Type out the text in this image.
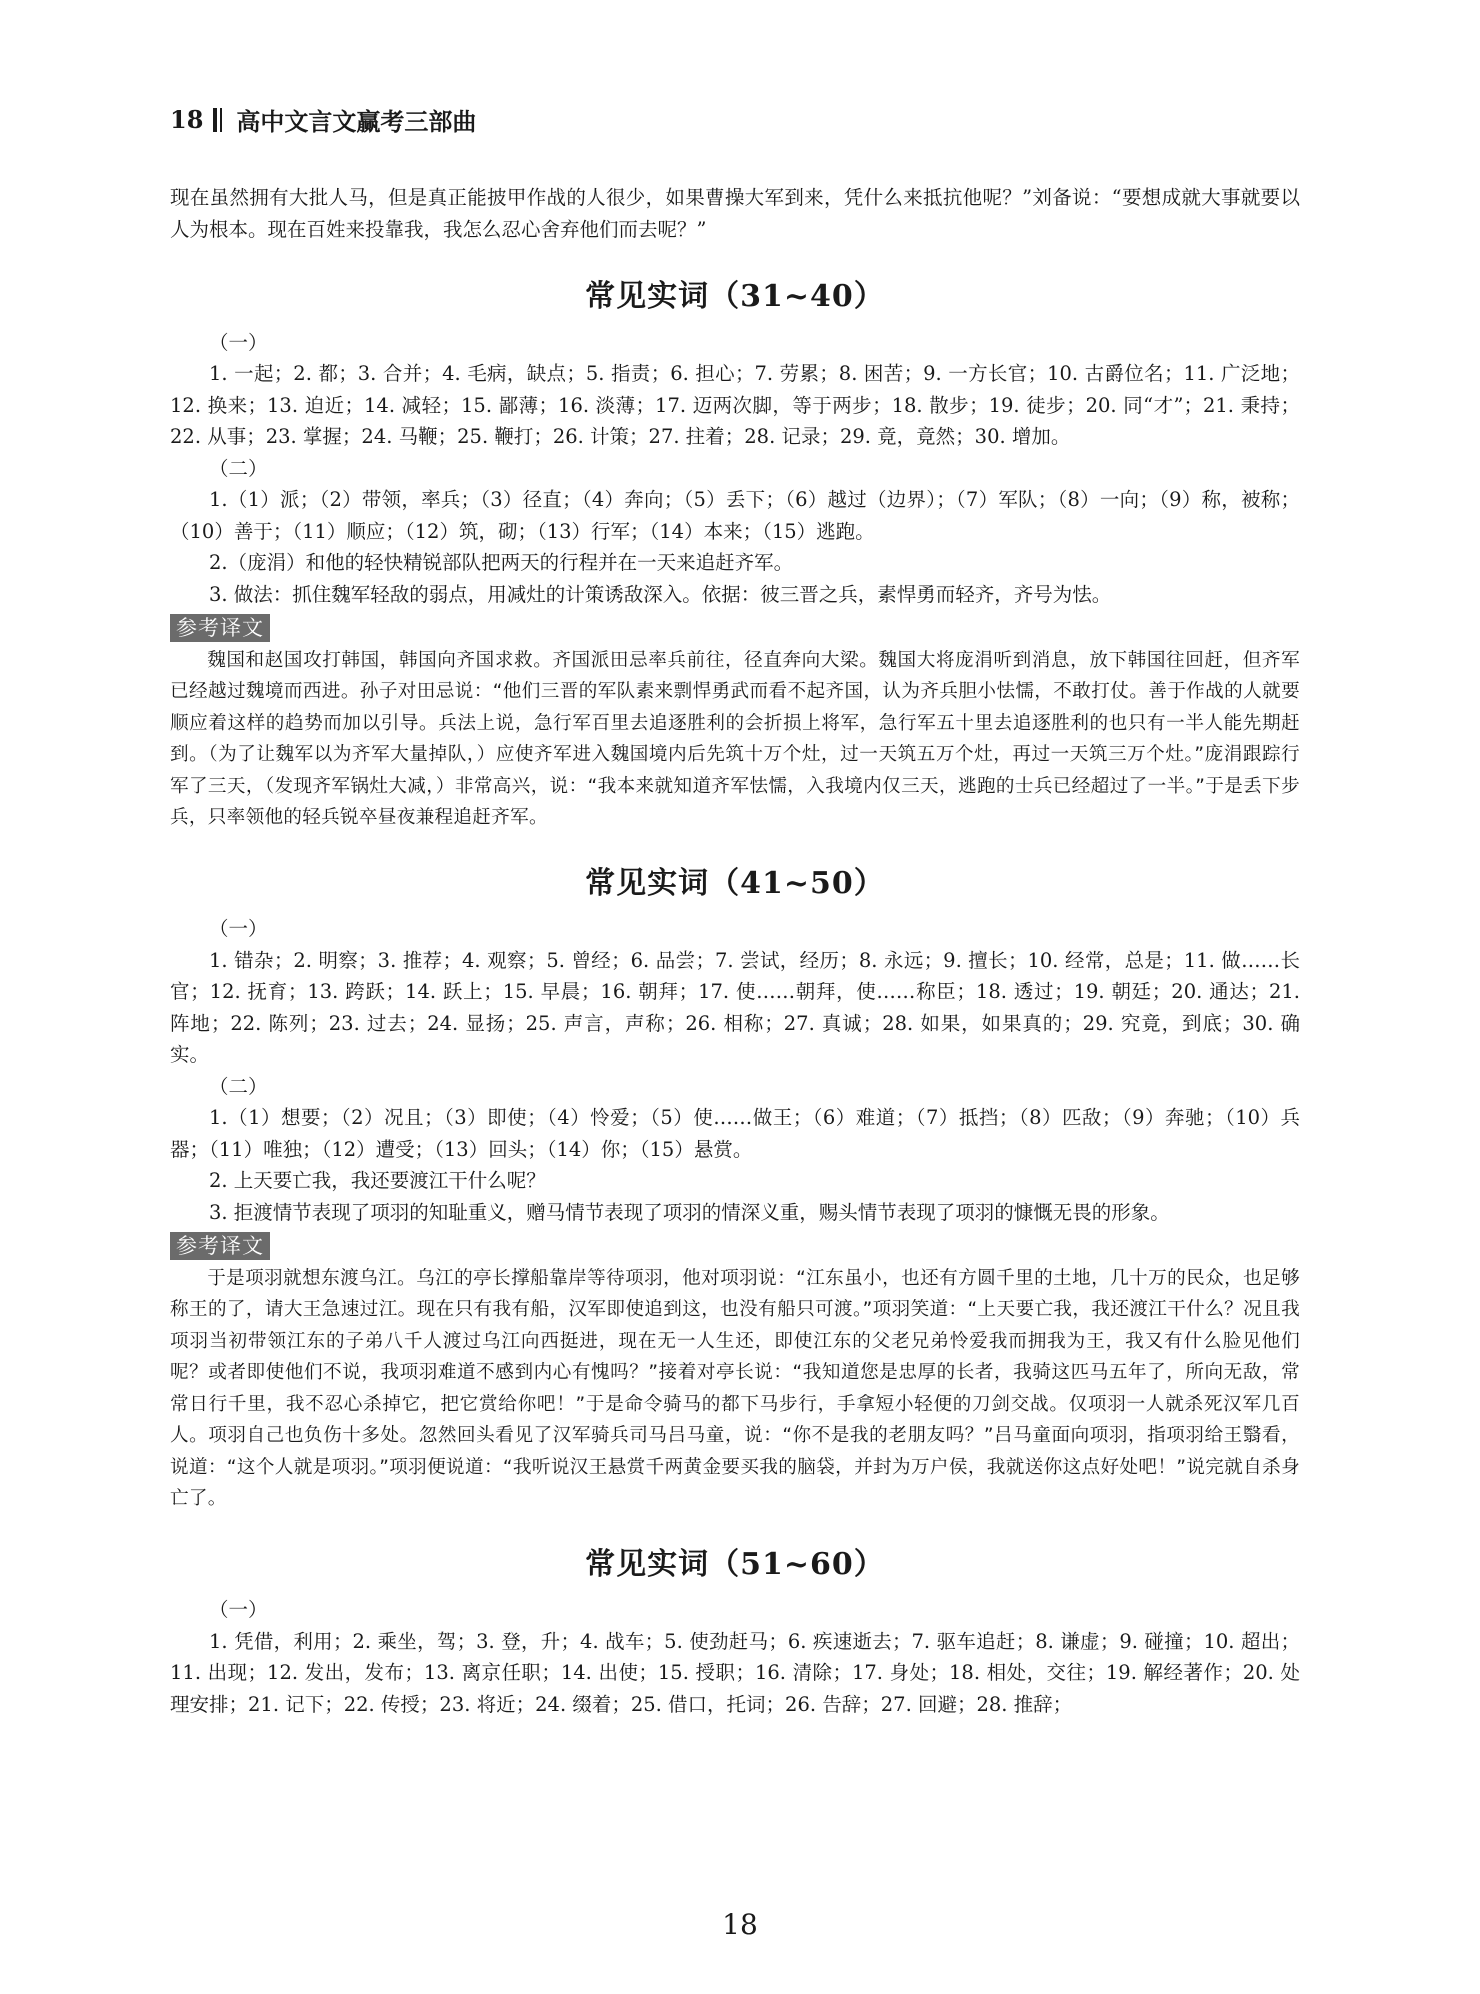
18 高中文言文赢考三部曲

现在虽然拥有大批人马，但是真正能披甲作战的人很少，如果曹操大军到来，凭什么来抵抗他呢？”刘备说：“要想成就大事就要以人为根本。现在百姓来投靠我，我怎么忍心舍弃他们而去呢？”

常见实词（31~40）

（一）

1. 一起；2. 都；3. 合并；4. 毛病，缺点；5. 指责；6. 担心；7. 劳累；8. 困苦；9. 一方长官；10. 古爵位名；11. 广泛地；12. 换来；13. 迫近；14. 减轻；15. 鄙薄；16. 淡薄；17. 迈两次脚，等于两步；18. 散步；19. 徒步；20. 同“才”；21. 秉持；22. 从事；23. 掌握；24. 马鞭；25. 鞭打；26. 计策；27. 拄着；28. 记录；29. 竟，竟然；30. 增加。

（二）

1.（1）派；（2）带领，率兵；（3）径直；（4）奔向；（5）丢下；（6）越过（边界）；（7）军队；（8）一向；（9）称，被称；（10）善于；（11）顺应；（12）筑，砌；（13）行军；（14）本来；（15）逃跑。

2.（庞涓）和他的轻快精锐部队把两天的行程并在一天来追赶齐军。

3. 做法：抓住魏军轻敌的弱点，用减灶的计策诱敌深入。依据：彼三晋之兵，素悍勇而轻齐，齐号为怯。

参考译文

魏国和赵国攻打韩国，韩国向齐国求救。齐国派田忌率兵前往，径直奔向大梁。魏国大将庞涓听到消息，放下韩国往回赶，但齐军已经越过魏境而西进。孙子对田忌说：“他们三晋的军队素来剽悍勇武而看不起齐国，认为齐兵胆小怯懦，不敢打仗。善于作战的人就要顺应着这样的趋势而加以引导。兵法上说，急行军百里去追逐胜利的会折损上将军，急行军五十里去追逐胜利的也只有一半人能先期赶到。（为了让魏军以为齐军大量掉队，）应使齐军进入魏国境内后先筑十万个灶，过一天筑五万个灶，再过一天筑三万个灶。”庞涓跟踪行军了三天，（发现齐军锅灶大减，）非常高兴，说：“我本来就知道齐军怯懦，入我境内仅三天，逃跑的士兵已经超过了一半。”于是丢下步兵，只率领他的轻兵锐卒昼夜兼程追赶齐军。

常见实词（41~50）

（一）

1. 错杂；2. 明察；3. 推荐；4. 观察；5. 曾经；6. 品尝；7. 尝试，经历；8. 永远；9. 擅长；10. 经常，总是；11. 做……长官；12. 抚育；13. 跨跃；14. 跃上；15. 早晨；16. 朝拜；17. 使……朝拜，使……称臣；18. 透过；19. 朝廷；20. 通达；21. 阵地；22. 陈列；23. 过去；24. 显扬；25. 声言，声称；26. 相称；27. 真诚；28. 如果，如果真的；29. 究竟，到底；30. 确实。

（二）

1.（1）想要；（2）况且；（3）即使；（4）怜爱；（5）使……做王；（6）难道；（7）抵挡；（8）匹敌；（9）奔驰；（10）兵器；（11）唯独；（12）遭受；（13）回头；（14）你；（15）悬赏。

2. 上天要亡我，我还要渡江干什么呢？

3. 拒渡情节表现了项羽的知耻重义，赠马情节表现了项羽的情深义重，赐头情节表现了项羽的慷慨无畏的形象。

参考译文

于是项羽就想东渡乌江。乌江的亭长撑船靠岸等待项羽，他对项羽说：“江东虽小，也还有方圆千里的土地，几十万的民众，也足够称王的了，请大王急速过江。现在只有我有船，汉军即使追到这，也没有船只可渡。”项羽笑道：“上天要亡我，我还渡江干什么？况且我项羽当初带领江东的子弟八千人渡过乌江向西挺进，现在无一人生还，即使江东的父老兄弟怜爱我而拥我为王，我又有什么脸见他们呢？或者即使他们不说，我项羽难道不感到内心有愧吗？”接着对亭长说：“我知道您是忠厚的长者，我骑这匹马五年了，所向无敌，常常日行千里，我不忍心杀掉它，把它赏给你吧！”于是命令骑马的都下马步行，手拿短小轻便的刀剑交战。仅项羽一人就杀死汉军几百人。项羽自己也负伤十多处。忽然回头看见了汉军骑兵司马吕马童，说：“你不是我的老朋友吗？”吕马童面向项羽，指项羽给王翳看，说道：“这个人就是项羽。”项羽便说道：“我听说汉王悬赏千两黄金要买我的脑袋，并封为万户侯，我就送你这点好处吧！”说完就自杀身亡了。

常见实词（51~60）

（一）

1. 凭借，利用；2. 乘坐，驾；3. 登，升；4. 战车；5. 使劲赶马；6. 疾速逝去；7. 驱车追赶；8. 谦虚；9. 碰撞；10. 超出；11. 出现；12. 发出，发布；13. 离京任职；14. 出使；15. 授职；16. 清除；17. 身处；18. 相处，交往；19. 解经著作；20. 处理安排；21. 记下；22. 传授；23. 将近；24. 缀着；25. 借口，托词；26. 告辞；27. 回避；28. 推辞；

18
